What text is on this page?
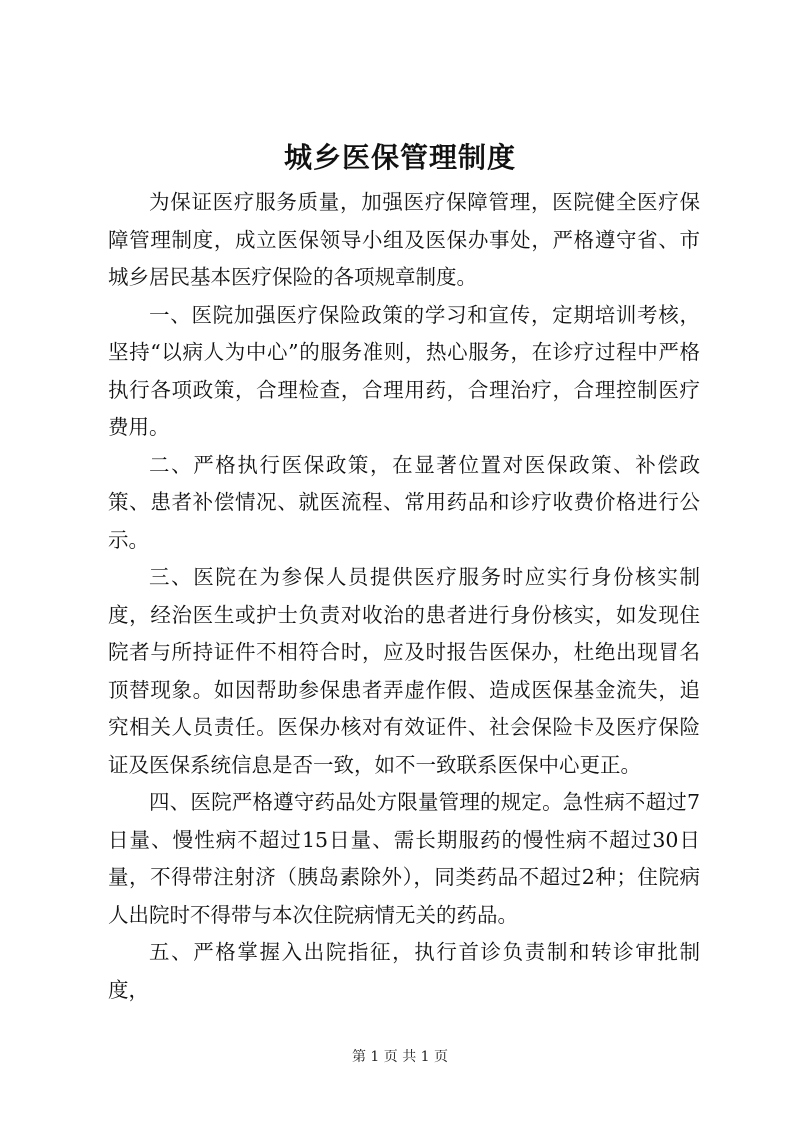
城乡医保管理制度

为保证医疗服务质量，加强医疗保障管理，医院健全医疗保障管理制度，成立医保领导小组及医保办事处，严格遵守省、市城乡居民基本医疗保险的各项规章制度。

一、医院加强医疗保险政策的学习和宣传，定期培训考核，坚持“以病人为中心”的服务准则，热心服务，在诊疗过程中严格执行各项政策，合理检查，合理用药，合理治疗，合理控制医疗费用。

二、严格执行医保政策，在显著位置对医保政策、补偿政策、患者补偿情况、就医流程、常用药品和诊疗收费价格进行公示。

三、医院在为参保人员提供医疗服务时应实行身份核实制度，经治医生或护士负责对收治的患者进行身份核实，如发现住院者与所持证件不相符合时，应及时报告医保办，杜绝出现冒名顶替现象。如因帮助参保患者弄虚作假、造成医保基金流失，追究相关人员责任。医保办核对有效证件、社会保险卡及医疗保险证及医保系统信息是否一致，如不一致联系医保中心更正。

四、医院严格遵守药品处方限量管理的规定。急性病不超过7日量、慢性病不超过15日量、需长期服药的慢性病不超过30日量，不得带注射济（胰岛素除外），同类药品不超过2种；住院病人出院时不得带与本次住院病情无关的药品。

五、严格掌握入出院指征，执行首诊负责制和转诊审批制度，

第 1 页 共 1 页
